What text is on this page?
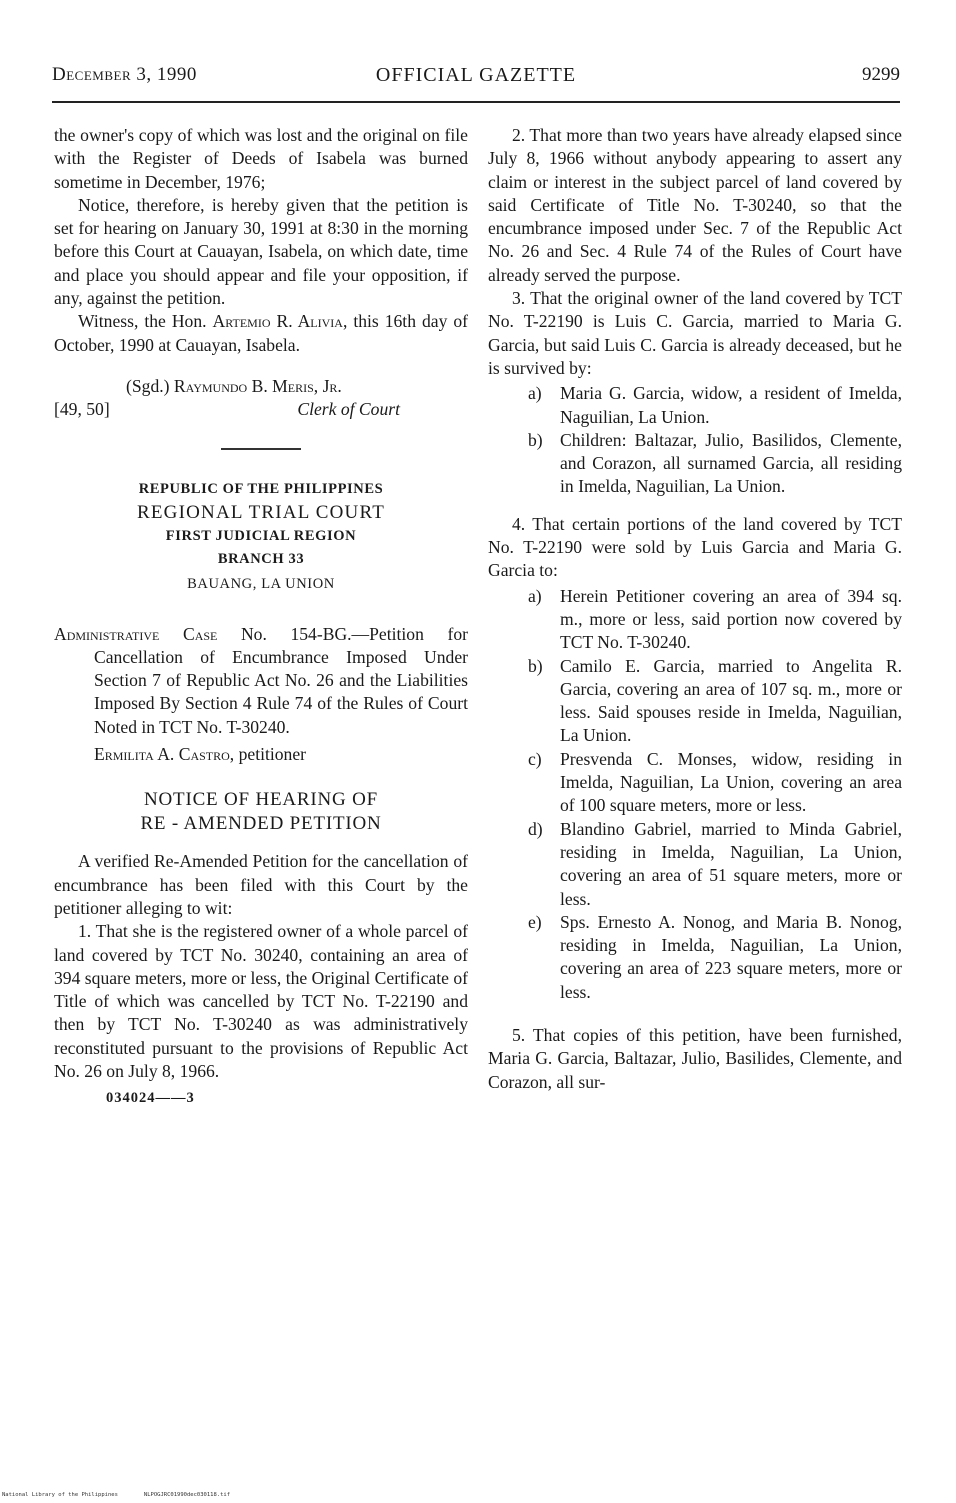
December 3, 1990	OFFICIAL GAZETTE	9299

the owner's copy of which was lost and the original on file with the Register of Deeds of Isabela was burned sometime in December, 1976;

Notice, therefore, is hereby given that the petition is set for hearing on January 30, 1991 at 8:30 in the morning before this Court at Cauayan, Isabela, on which date, time and place you should appear and file your opposition, if any, against the petition.

Witness, the Hon. Artemio R. Alivia, this 16th day of October, 1990 at Cauayan, Isabela.

(Sgd.) Raymundo B. Meris, Jr.
[49, 50]	Clerk of Court
REPUBLIC OF THE PHILIPPINES
REGIONAL TRIAL COURT
FIRST JUDICIAL REGION
BRANCH 33
BAUANG, LA UNION

Administrative Case No. 154-BG.—Petition for Cancellation of Encumbrance Imposed Under Section 7 of Republic Act No. 26 and the Liabilities Imposed By Section 4 Rule 74 of the Rules of Court Noted in TCT No. T-30240.

Ermilita A. Castro, petitioner

NOTICE OF HEARING OF
RE - AMENDED PETITION

A verified Re-Amended Petition for the cancellation of encumbrance has been filed with this Court by the petitioner alleging to wit:

1. That she is the registered owner of a whole parcel of land covered by TCT No. 30240, containing an area of 394 square meters, more or less, the Original Certificate of Title of which was cancelled by TCT No. T-22190 and then by TCT No. T-30240 as was administratively reconstituted pursuant to the provisions of Republic Act No. 26 on July 8, 1966.

034024——3

2. That more than two years have already elapsed since July 8, 1966 without anybody appearing to assert any claim or interest in the subject parcel of land covered by said Certificate of Title No. T-30240, so that the encumbrance imposed under Sec. 7 of the Republic Act No. 26 and Sec. 4 Rule 74 of the Rules of Court have already served the purpose.

3. That the original owner of the land covered by TCT No. T-22190 is Luis C. Garcia, married to Maria G. Garcia, but said Luis C. Garcia is already deceased, but he is survived by:

a) Maria G. Garcia, widow, a resident of Imelda, Naguilian, La Union.
b) Children: Baltazar, Julio, Basilidos, Clemente, and Corazon, all surnamed Garcia, all residing in Imelda, Naguilian, La Union.

4. That certain portions of the land covered by TCT No. T-22190 were sold by Luis Garcia and Maria G. Garcia to:

a) Herein Petitioner covering an area of 394 sq. m., more or less, said portion now covered by TCT No. T-30240.
b) Camilo E. Garcia, married to Angelita R. Garcia, covering an area of 107 sq. m., more or less. Said spouses reside in Imelda, Naguilian, La Union.
c) Presvenda C. Monses, widow, residing in Imelda, Naguilian, La Union, covering an area of 100 square meters, more or less.
d) Blandino Gabriel, married to Minda Gabriel, residing in Imelda, Naguilian, La Union, covering an area of 51 square meters, more or less.
e) Sps. Ernesto A. Nonog, and Maria B. Nonog, residing in Imelda, Naguilian, La Union, covering an area of 223 square meters, more or less.

5. That copies of this petition, have been furnished, Maria G. Garcia, Baltazar, Julio, Basilides, Clemente, and Corazon, all sur-

National Library of the Philippines	NLPOGJRC01990dec030118.tif
